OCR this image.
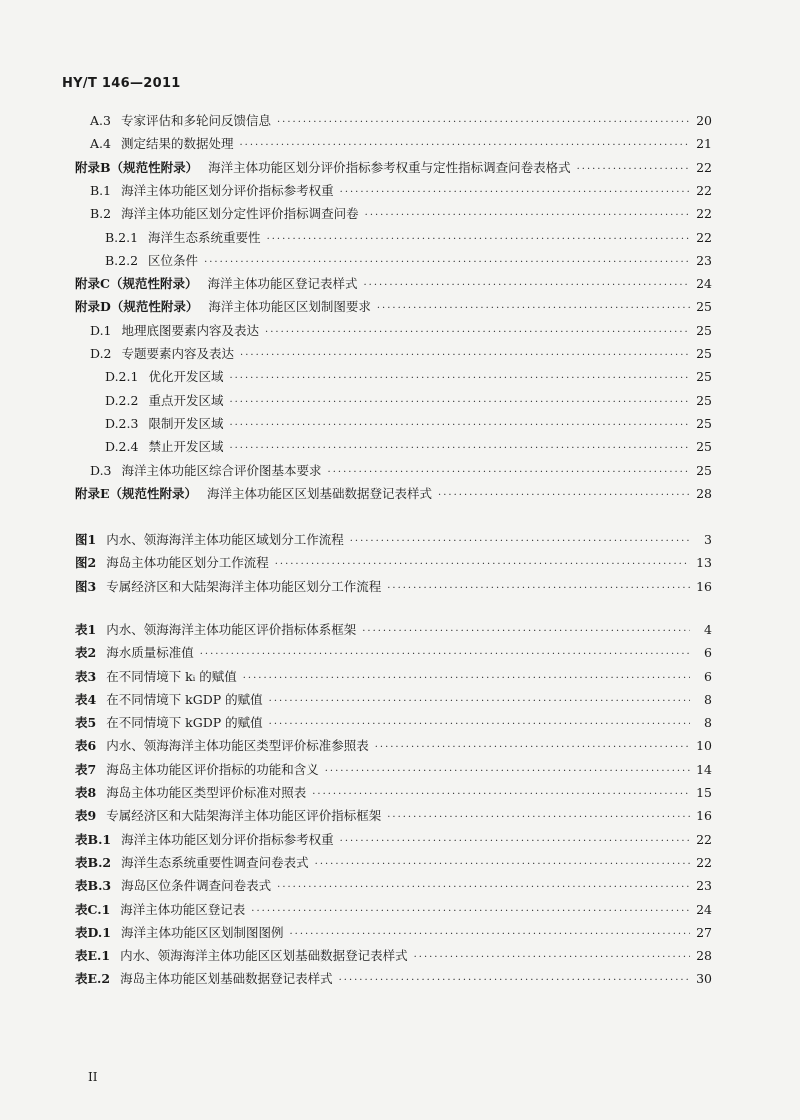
HY/T 146—2011
A.3 专家评估和多轮问反馈信息 ·····	20
A.4 测定结果的数据处理 ·····	21
附录B（规范性附录） 海洋主体功能区划分评价指标参考权重与定性指标调查问卷表格式 ·····	22
B.1 海洋主体功能区划分评价指标参考权重 ·····	22
B.2 海洋主体功能区划分定性评价指标调查问卷 ·····	22
B.2.1 海洋生态系统重要性 ·····	22
B.2.2 区位条件 ·····	23
附录C（规范性附录） 海洋主体功能区登记表样式 ·····	24
附录D（规范性附录） 海洋主体功能区区划制图要求 ·····	25
D.1 地理底图要素内容及表达 ·····	25
D.2 专题要素内容及表达 ·····	25
D.2.1 优化开发区域 ·····	25
D.2.2 重点开发区域 ·····	25
D.2.3 限制开发区域 ·····	25
D.2.4 禁止开发区域 ·····	25
D.3 海洋主体功能区综合评价图基本要求 ·····	25
附录E（规范性附录） 海洋主体功能区区划基础数据登记表样式 ·····	28
图1 内水、领海海洋主体功能区域划分工作流程 ·····	3
图2 海岛主体功能区划分工作流程 ·····	13
图3 专属经济区和大陆架海洋主体功能区划分工作流程 ·····	16
表1 内水、领海海洋主体功能区评价指标体系框架 ·····	4
表2 海水质量标准值 ·····	6
表3 在不同情境下 kᵢ 的赋值 ·····	6
表4 在不同情境下 kGDP 的赋值 ·····	8
表5 在不同情境下 kGDP 的赋值 ·····	8
表6 内水、领海海洋主体功能区类型评价标准参照表 ·····	10
表7 海岛主体功能区评价指标的功能和含义 ·····	14
表8 海岛主体功能区类型评价标准对照表 ·····	15
表9 专属经济区和大陆架海洋主体功能区评价指标框架 ·····	16
表B.1 海洋主体功能区划分评价指标参考权重 ·····	22
表B.2 海洋生态系统重要性调查问卷表式 ·····	22
表B.3 海岛区位条件调查问卷表式 ·····	23
表C.1 海洋主体功能区登记表 ·····	24
表D.1 海洋主体功能区区划制图图例 ·····	27
表E.1 内水、领海海洋主体功能区区划基础数据登记表样式 ·····	28
表E.2 海岛主体功能区划基础数据登记表样式 ·····	30
II
